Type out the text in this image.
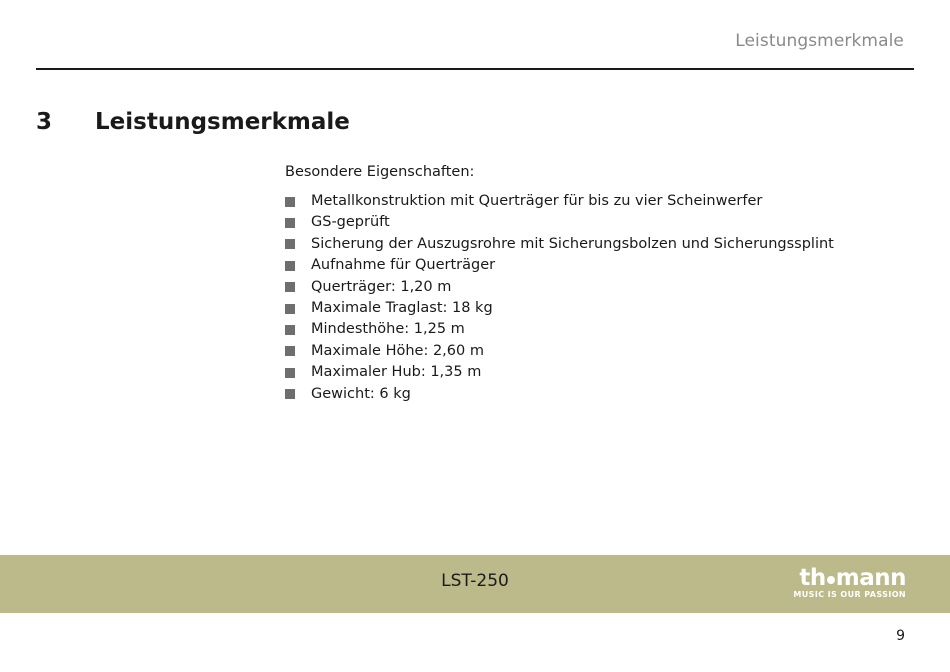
Leistungsmerkmale
3 Leistungsmerkmale
Besondere Eigenschaften:
Metallkonstruktion mit Querträger für bis zu vier Scheinwerfer
GS-geprüft
Sicherung der Auszugsrohre mit Sicherungsbolzen und Sicherungssplint
Aufnahme für Querträger
Querträger: 1,20 m
Maximale Traglast: 18 kg
Mindesthöhe: 1,25 m
Maximale Höhe: 2,60 m
Maximaler Hub: 1,35 m
Gewicht: 6 kg
LST-250	th mann
MUSIC IS OUR PASSION
9
